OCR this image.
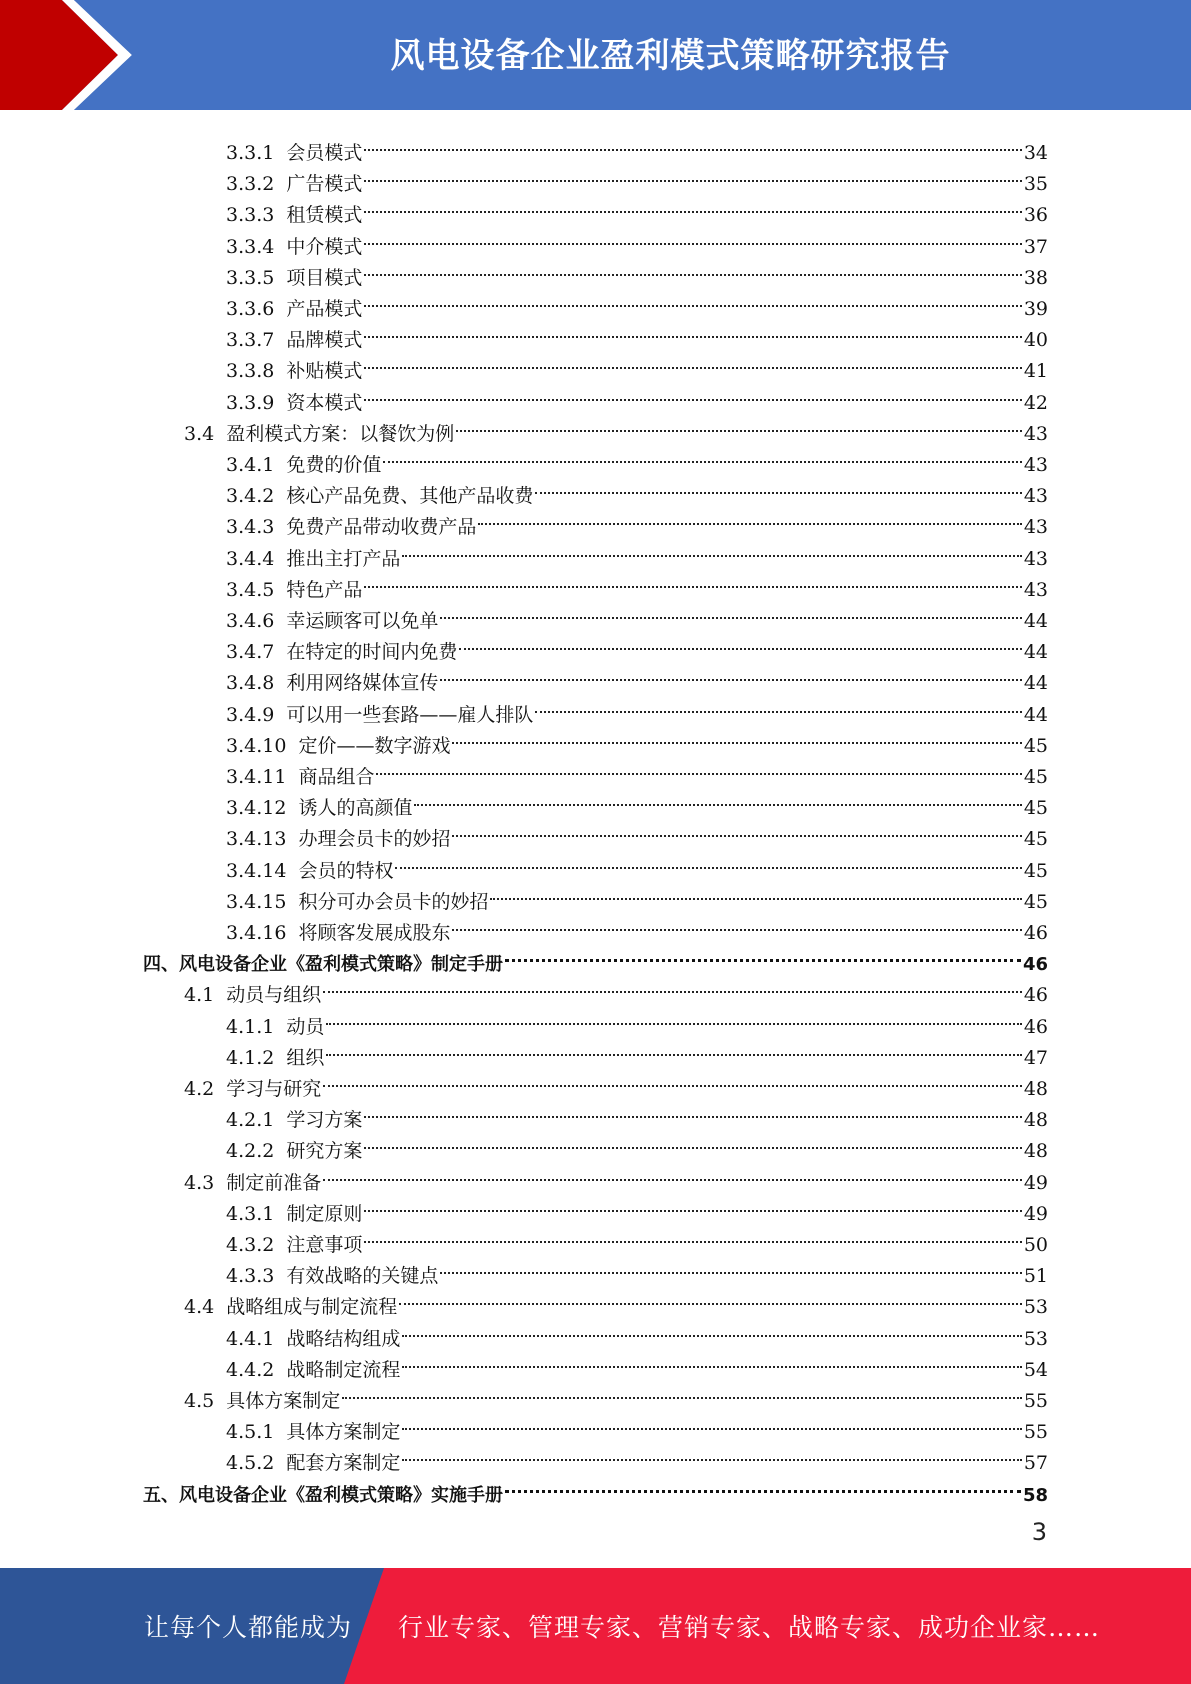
风电设备企业盈利模式策略研究报告
3.3.1 会员模式	34
3.3.2 广告模式	35
3.3.3 租赁模式	36
3.3.4 中介模式	37
3.3.5 项目模式	38
3.3.6 产品模式	39
3.3.7 品牌模式	40
3.3.8 补贴模式	41
3.3.9 资本模式	42
3.4 盈利模式方案：以餐饮为例	43
3.4.1 免费的价值	43
3.4.2 核心产品免费、其他产品收费	43
3.4.3 免费产品带动收费产品	43
3.4.4 推出主打产品	43
3.4.5 特色产品	43
3.4.6 幸运顾客可以免单	44
3.4.7 在特定的时间内免费	44
3.4.8 利用网络媒体宣传	44
3.4.9 可以用一些套路——雇人排队	44
3.4.10 定价——数字游戏	45
3.4.11 商品组合	45
3.4.12 诱人的高颜值	45
3.4.13 办理会员卡的妙招	45
3.4.14 会员的特权	45
3.4.15 积分可办会员卡的妙招	45
3.4.16 将顾客发展成股东	46
四、风电设备企业《盈利模式策略》制定手册	46
4.1 动员与组织	46
4.1.1 动员	46
4.1.2 组织	47
4.2 学习与研究	48
4.2.1 学习方案	48
4.2.2 研究方案	48
4.3 制定前准备	49
4.3.1 制定原则	49
4.3.2 注意事项	50
4.3.3 有效战略的关键点	51
4.4 战略组成与制定流程	53
4.4.1 战略结构组成	53
4.4.2 战略制定流程	54
4.5 具体方案制定	55
4.5.1 具体方案制定	55
4.5.2 配套方案制定	57
五、风电设备企业《盈利模式策略》实施手册	58
3
让每个人都能成为 行业专家、管理专家、营销专家、战略专家、成功企业家……
